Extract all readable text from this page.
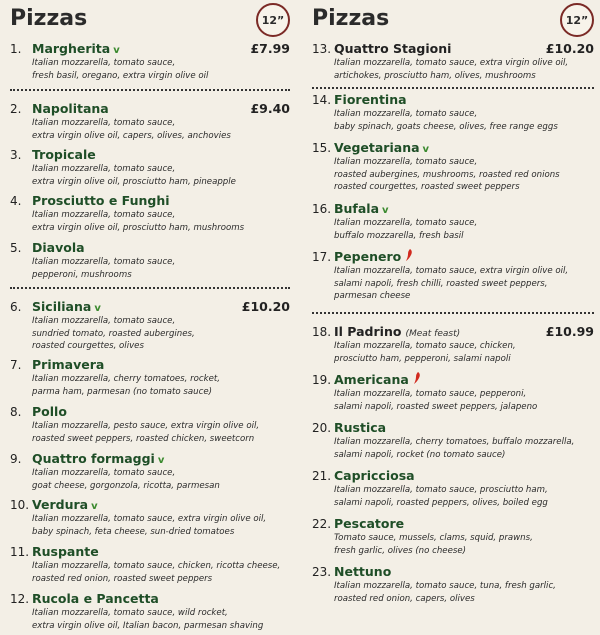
Pizzas	12”
1. Margherita v	£7.99
Italian mozzarella, tomato sauce,
fresh basil, oregano, extra virgin olive oil
2. Napolitana	£9.40
Italian mozzarella, tomato sauce,
extra virgin olive oil, capers, olives, anchovies
3. Tropicale
Italian mozzarella, tomato sauce,
extra virgin olive oil, prosciutto ham, pineapple
4. Prosciutto e Funghi
Italian mozzarella, tomato sauce,
extra virgin olive oil, prosciutto ham, mushrooms
5. Diavola
Italian mozzarella, tomato sauce,
pepperoni, mushrooms
6. Siciliana v	£10.20
Italian mozzarella, tomato sauce,
sundried tomato, roasted aubergines,
roasted courgettes, olives
7. Primavera
Italian mozzarella, cherry tomatoes, rocket,
parma ham, parmesan (no tomato sauce)
8. Pollo
Italian mozzarella, pesto sauce, extra virgin olive oil,
roasted sweet peppers, roasted chicken, sweetcorn
9. Quattro formaggi v
Italian mozzarella, tomato sauce,
goat cheese, gorgonzola, ricotta, parmesan
10. Verdura v
Italian mozzarella, tomato sauce, extra virgin olive oil,
baby spinach, feta cheese, sun-dried tomatoes
11. Ruspante
Italian mozzarella, tomato sauce, chicken, ricotta cheese,
roasted red onion, roasted sweet peppers
12. Rucola e Pancetta
Italian mozzarella, tomato sauce, wild rocket,
extra virgin olive oil, Italian bacon, parmesan shaving
Pizzas	12”
13. Quattro Stagioni	£10.20
Italian mozzarella, tomato sauce, extra virgin olive oil,
artichokes, prosciutto ham, olives, mushrooms
14. Fiorentina
Italian mozzarella, tomato sauce,
baby spinach, goats cheese, olives, free range eggs
15. Vegetariana v
Italian mozzarella, tomato sauce,
roasted aubergines, mushrooms, roasted red onions
roasted courgettes, roasted sweet peppers
16. Bufala v
Italian mozzarella, tomato sauce,
buffalo mozzarella, fresh basil
17. Pepenero
Italian mozzarella, tomato sauce, extra virgin olive oil,
salami napoli, fresh chilli, roasted sweet peppers,
parmesan cheese
18. Il Padrino (Meat feast)	£10.99
Italian mozzarella, tomato sauce, chicken,
prosciutto ham, pepperoni, salami napoli
19. Americana
Italian mozzarella, tomato sauce, pepperoni,
salami napoli, roasted sweet peppers, jalapeno
20. Rustica
Italian mozzarella, cherry tomatoes, buffalo mozzarella,
salami napoli, rocket (no tomato sauce)
21. Capricciosa
Italian mozzarella, tomato sauce, prosciutto ham,
salami napoli, roasted peppers, olives, boiled egg
22. Pescatore
Tomato sauce, mussels, clams, squid, prawns,
fresh garlic, olives (no cheese)
23. Nettuno
Italian mozzarella, tomato sauce, tuna, fresh garlic,
roasted red onion, capers, olives
